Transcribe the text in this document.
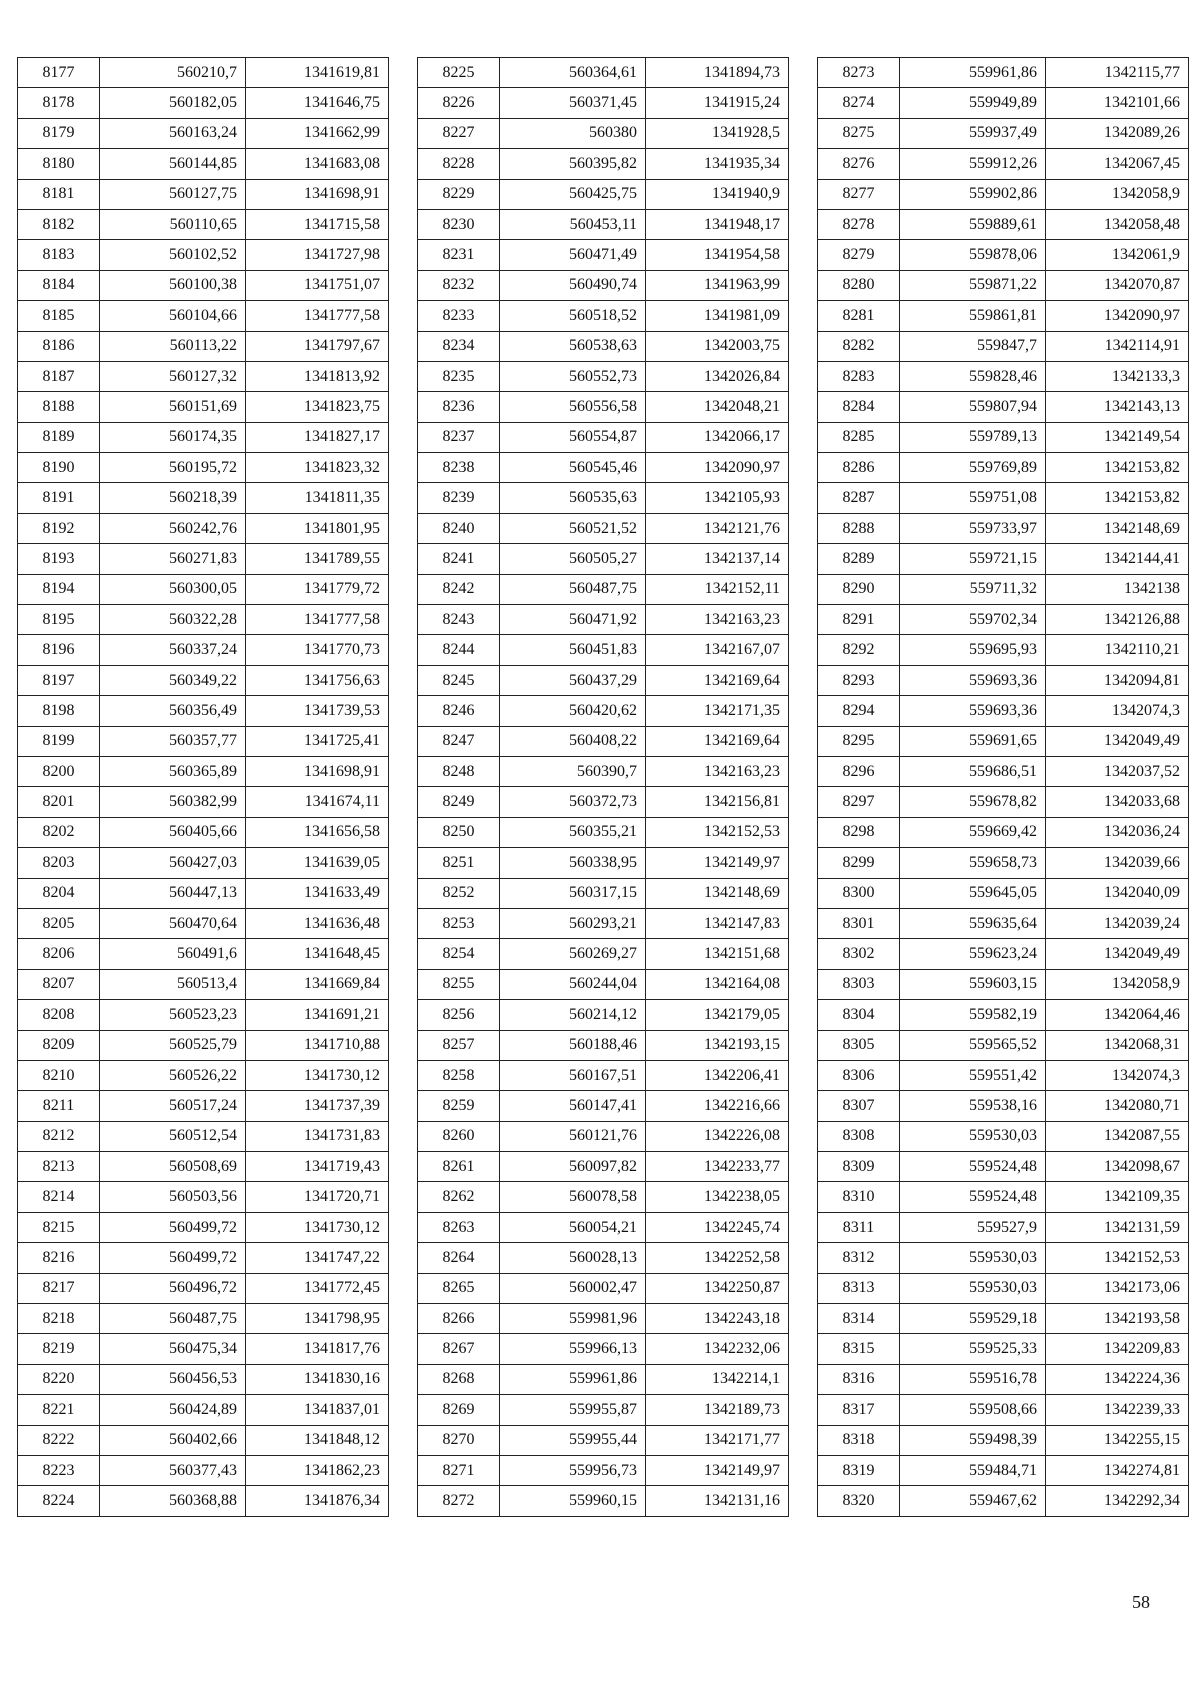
8177	560210,7	1341619,81
8178	560182,05	1341646,75
8179	560163,24	1341662,99
8180	560144,85	1341683,08
8181	560127,75	1341698,91
8182	560110,65	1341715,58
8183	560102,52	1341727,98
8184	560100,38	1341751,07
8185	560104,66	1341777,58
8186	560113,22	1341797,67
8187	560127,32	1341813,92
8188	560151,69	1341823,75
8189	560174,35	1341827,17
8190	560195,72	1341823,32
8191	560218,39	1341811,35
8192	560242,76	1341801,95
8193	560271,83	1341789,55
8194	560300,05	1341779,72
8195	560322,28	1341777,58
8196	560337,24	1341770,73
8197	560349,22	1341756,63
8198	560356,49	1341739,53
8199	560357,77	1341725,41
8200	560365,89	1341698,91
8201	560382,99	1341674,11
8202	560405,66	1341656,58
8203	560427,03	1341639,05
8204	560447,13	1341633,49
8205	560470,64	1341636,48
8206	560491,6	1341648,45
8207	560513,4	1341669,84
8208	560523,23	1341691,21
8209	560525,79	1341710,88
8210	560526,22	1341730,12
8211	560517,24	1341737,39
8212	560512,54	1341731,83
8213	560508,69	1341719,43
8214	560503,56	1341720,71
8215	560499,72	1341730,12
8216	560499,72	1341747,22
8217	560496,72	1341772,45
8218	560487,75	1341798,95
8219	560475,34	1341817,76
8220	560456,53	1341830,16
8221	560424,89	1341837,01
8222	560402,66	1341848,12
8223	560377,43	1341862,23
8224	560368,88	1341876,34
8225	560364,61	1341894,73
8226	560371,45	1341915,24
8227	560380	1341928,5
8228	560395,82	1341935,34
8229	560425,75	1341940,9
8230	560453,11	1341948,17
8231	560471,49	1341954,58
8232	560490,74	1341963,99
8233	560518,52	1341981,09
8234	560538,63	1342003,75
8235	560552,73	1342026,84
8236	560556,58	1342048,21
8237	560554,87	1342066,17
8238	560545,46	1342090,97
8239	560535,63	1342105,93
8240	560521,52	1342121,76
8241	560505,27	1342137,14
8242	560487,75	1342152,11
8243	560471,92	1342163,23
8244	560451,83	1342167,07
8245	560437,29	1342169,64
8246	560420,62	1342171,35
8247	560408,22	1342169,64
8248	560390,7	1342163,23
8249	560372,73	1342156,81
8250	560355,21	1342152,53
8251	560338,95	1342149,97
8252	560317,15	1342148,69
8253	560293,21	1342147,83
8254	560269,27	1342151,68
8255	560244,04	1342164,08
8256	560214,12	1342179,05
8257	560188,46	1342193,15
8258	560167,51	1342206,41
8259	560147,41	1342216,66
8260	560121,76	1342226,08
8261	560097,82	1342233,77
8262	560078,58	1342238,05
8263	560054,21	1342245,74
8264	560028,13	1342252,58
8265	560002,47	1342250,87
8266	559981,96	1342243,18
8267	559966,13	1342232,06
8268	559961,86	1342214,1
8269	559955,87	1342189,73
8270	559955,44	1342171,77
8271	559956,73	1342149,97
8272	559960,15	1342131,16
8273	559961,86	1342115,77
8274	559949,89	1342101,66
8275	559937,49	1342089,26
8276	559912,26	1342067,45
8277	559902,86	1342058,9
8278	559889,61	1342058,48
8279	559878,06	1342061,9
8280	559871,22	1342070,87
8281	559861,81	1342090,97
8282	559847,7	1342114,91
8283	559828,46	1342133,3
8284	559807,94	1342143,13
8285	559789,13	1342149,54
8286	559769,89	1342153,82
8287	559751,08	1342153,82
8288	559733,97	1342148,69
8289	559721,15	1342144,41
8290	559711,32	1342138
8291	559702,34	1342126,88
8292	559695,93	1342110,21
8293	559693,36	1342094,81
8294	559693,36	1342074,3
8295	559691,65	1342049,49
8296	559686,51	1342037,52
8297	559678,82	1342033,68
8298	559669,42	1342036,24
8299	559658,73	1342039,66
8300	559645,05	1342040,09
8301	559635,64	1342039,24
8302	559623,24	1342049,49
8303	559603,15	1342058,9
8304	559582,19	1342064,46
8305	559565,52	1342068,31
8306	559551,42	1342074,3
8307	559538,16	1342080,71
8308	559530,03	1342087,55
8309	559524,48	1342098,67
8310	559524,48	1342109,35
8311	559527,9	1342131,59
8312	559530,03	1342152,53
8313	559530,03	1342173,06
8314	559529,18	1342193,58
8315	559525,33	1342209,83
8316	559516,78	1342224,36
8317	559508,66	1342239,33
8318	559498,39	1342255,15
8319	559484,71	1342274,81
8320	559467,62	1342292,34
58
